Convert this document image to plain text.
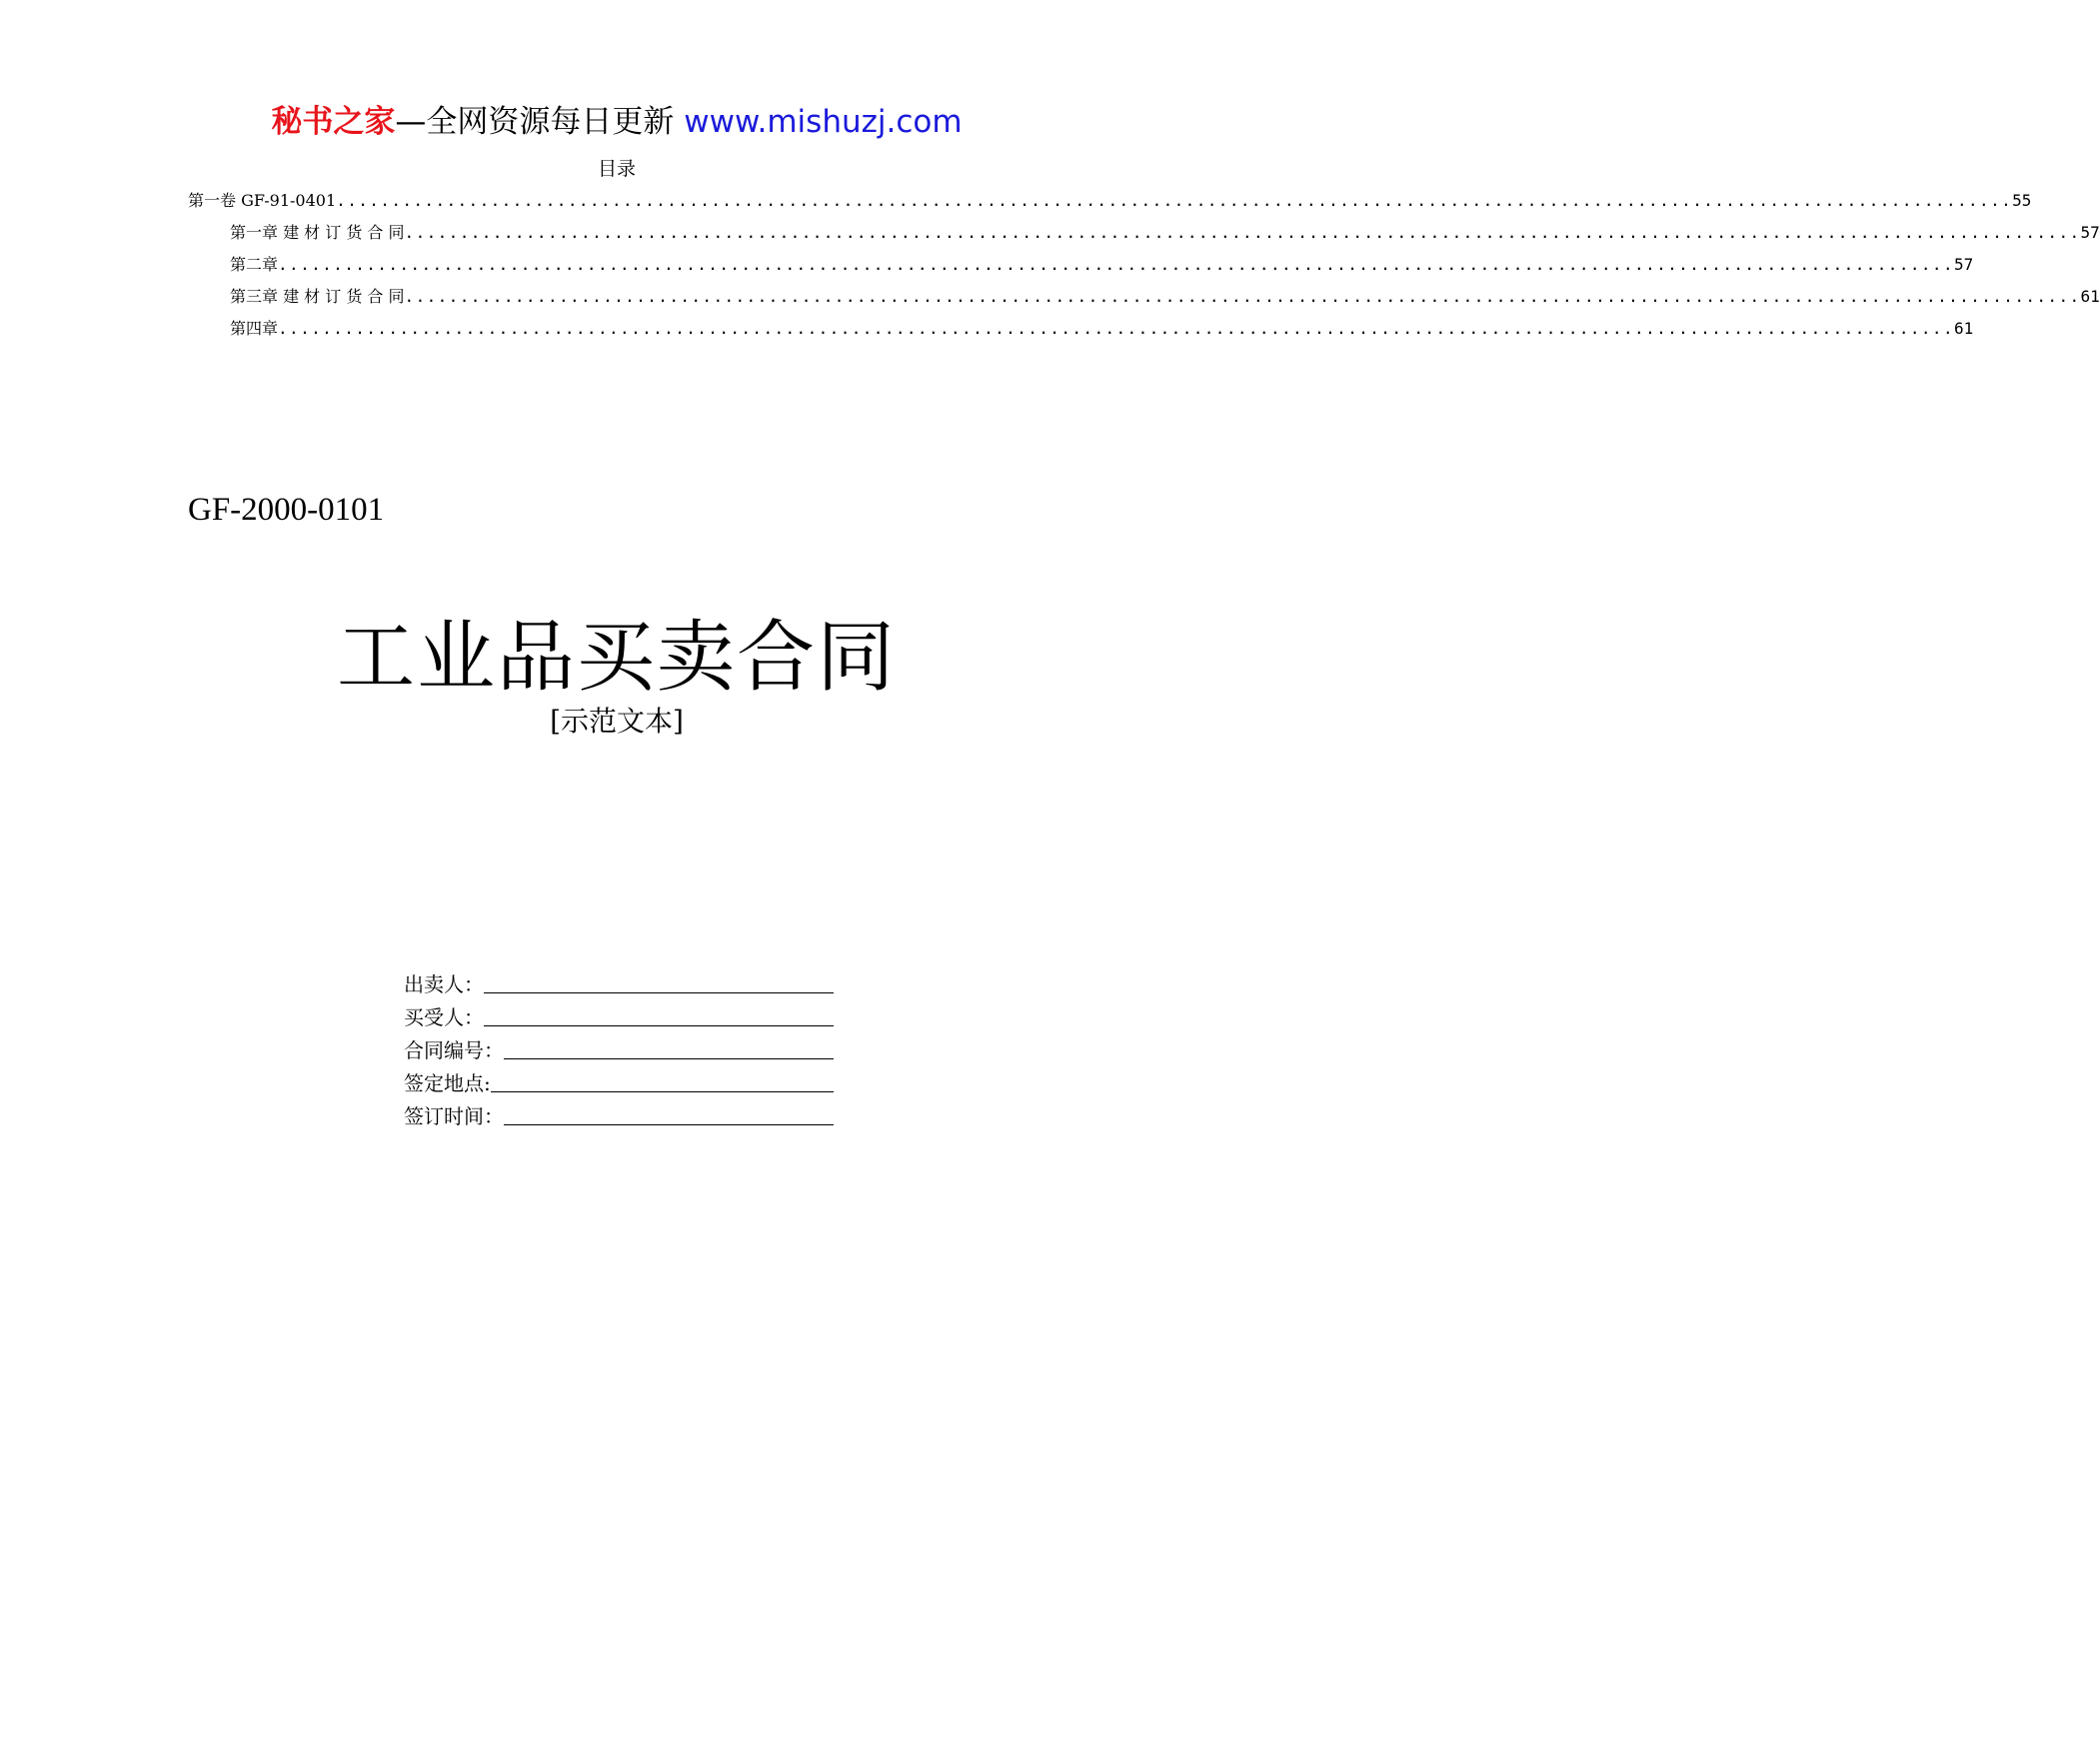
秘书之家—全网资源每日更新 www.mishuzj.com
目录
第一卷 GF-91-0401 ........................................................................................................................................................ 55
第一章 建 材 订 货 合 同 ........................................................................................................................................................ 57
第二章 ........................................................................................................................................................ 57
第三章 建 材 订 货 合 同 ........................................................................................................................................................ 61
第四章 ........................................................................................................................................................ 61
GF-2000-0101
工业品买卖合同
[示范文本]
出卖人：
买受人：
合同编号：
签定地点:
签订时间：
